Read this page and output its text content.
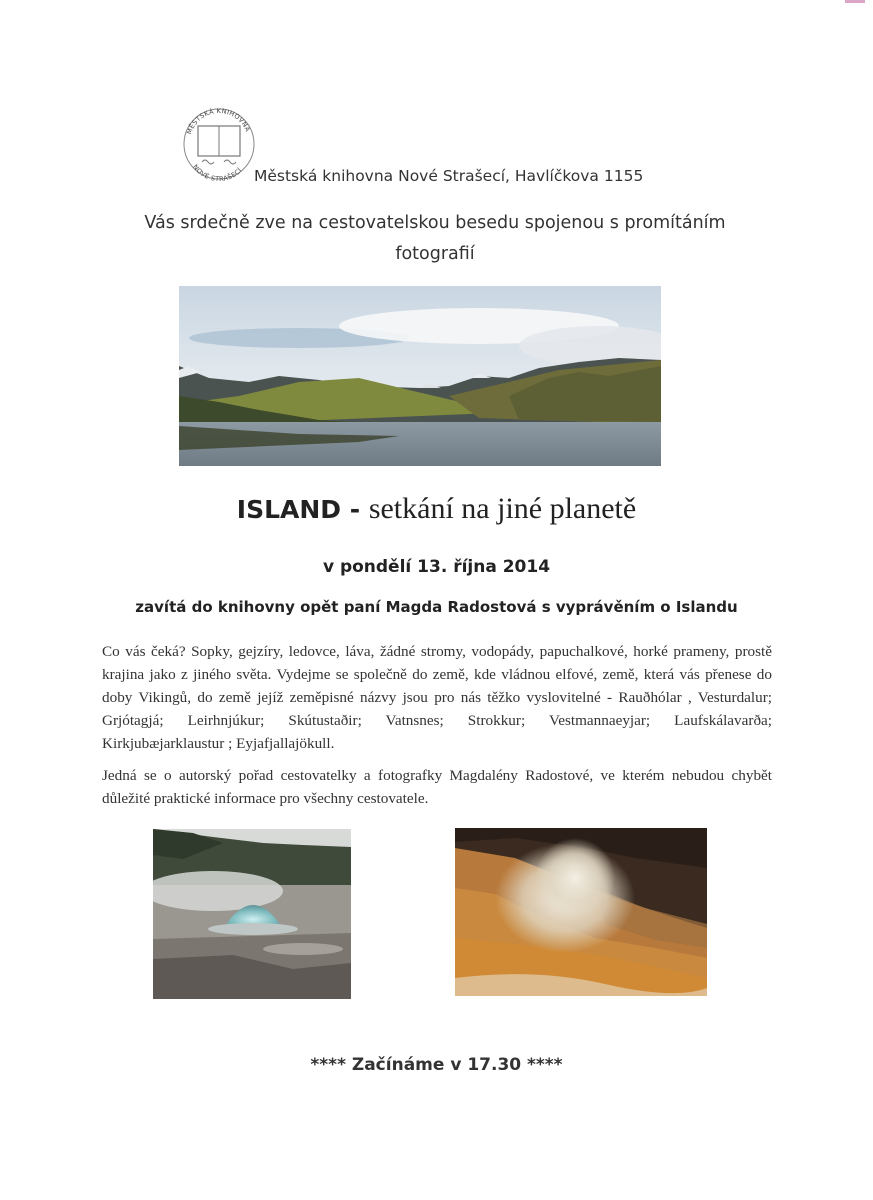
MĚSTSKÁ KNIHOVNA
NOVÉ STRAŠECÍ Městská knihovna Nové Strašecí, Havlíčkova 1155
Vás srdečně zve na cestovatelskou besedu spojenou s promítáním
fotografií
ISLAND - setkání na jiné planetě
v pondělí 13. října 2014
zavítá do knihovny opět paní Magda Radostová s vyprávěním o Islandu
Co vás čeká? Sopky, gejzíry, ledovce, láva, žádné stromy, vodopády, papuchalkové, horké prameny, prostě krajina jako z jiného světa. Vydejme se společně do země, kde vládnou elfové, země, která vás přenese do doby Vikingů, do země jejíž zeměpisné názvy jsou pro nás těžko vyslovitelné - Rauðhólar , Vesturdalur; Grjótagjá; Leirhnjúkur; Skútustaðir; Vatnsnes; Strokkur; Vestmannaeyjar; Laufskálavarða; Kirkjubæjarklaustur ; Eyjafjallajökull.
Jedná se o autorský pořad cestovatelky a fotografky Magdalény Radostové, ve kterém nebudou chybět důležité praktické informace pro všechny cestovatele.
**** Začínáme v 17.30 ****
